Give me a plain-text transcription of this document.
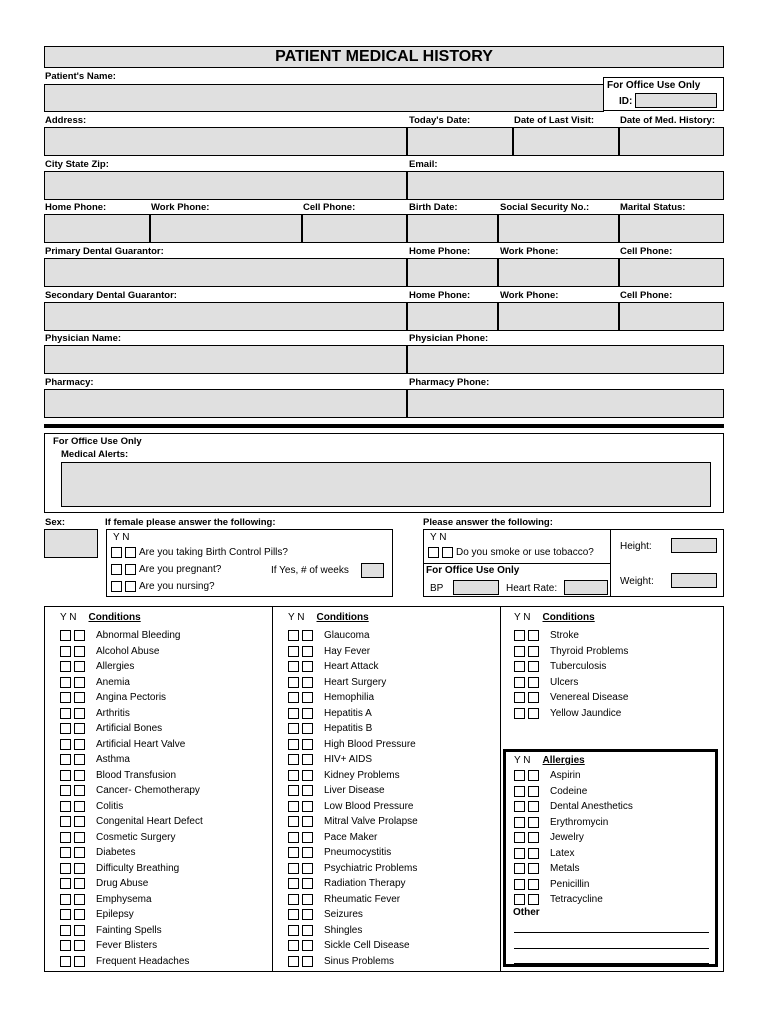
PATIENT MEDICAL HISTORY
For Office Use Only
ID:
Patient's Name:
Address:	Today's Date:	Date of Last Visit:	Date of Med. History:
City State Zip:	Email:
Home Phone:	Work Phone:	Cell Phone:	Birth Date:	Social Security No.:	Marital Status:
Primary Dental Guarantor:	Home Phone:	Work Phone:	Cell Phone:
Secondary Dental Guarantor:	Home Phone:	Work Phone:	Cell Phone:
Physician Name:	Physician Phone:
Pharmacy:	Pharmacy Phone:
For Office Use Only
Medical Alerts:
Sex:	If female please answer the following:
Y N
Are you taking Birth Control Pills?
Are you pregnant?	If Yes, # of weeks
Are you nursing?
Please answer the following:
Y N
Do you smoke or use tobacco?
For Office Use Only
BP	Heart Rate:
Height:
Weight:
Y N Conditions
Abnormal Bleeding
Alcohol Abuse
Allergies
Anemia
Angina Pectoris
Arthritis
Artificial Bones
Artificial Heart Valve
Asthma
Blood Transfusion
Cancer- Chemotherapy
Colitis
Congenital Heart Defect
Cosmetic Surgery
Diabetes
Difficulty Breathing
Drug Abuse
Emphysema
Epilepsy
Fainting Spells
Fever Blisters
Frequent Headaches
Y N Conditions
Glaucoma
Hay Fever
Heart Attack
Heart Surgery
Hemophilia
Hepatitis A
Hepatitis B
High Blood Pressure
HIV+ AIDS
Kidney Problems
Liver Disease
Low Blood Pressure
Mitral Valve Prolapse
Pace Maker
Pneumocystitis
Psychiatric Problems
Radiation Therapy
Rheumatic Fever
Seizures
Shingles
Sickle Cell Disease
Sinus Problems
Y N Conditions
Stroke
Thyroid Problems
Tuberculosis
Ulcers
Venereal Disease
Yellow Jaundice
Y N Allergies
Aspirin
Codeine
Dental Anesthetics
Erythromycin
Jewelry
Latex
Metals
Penicillin
Tetracycline
Other
